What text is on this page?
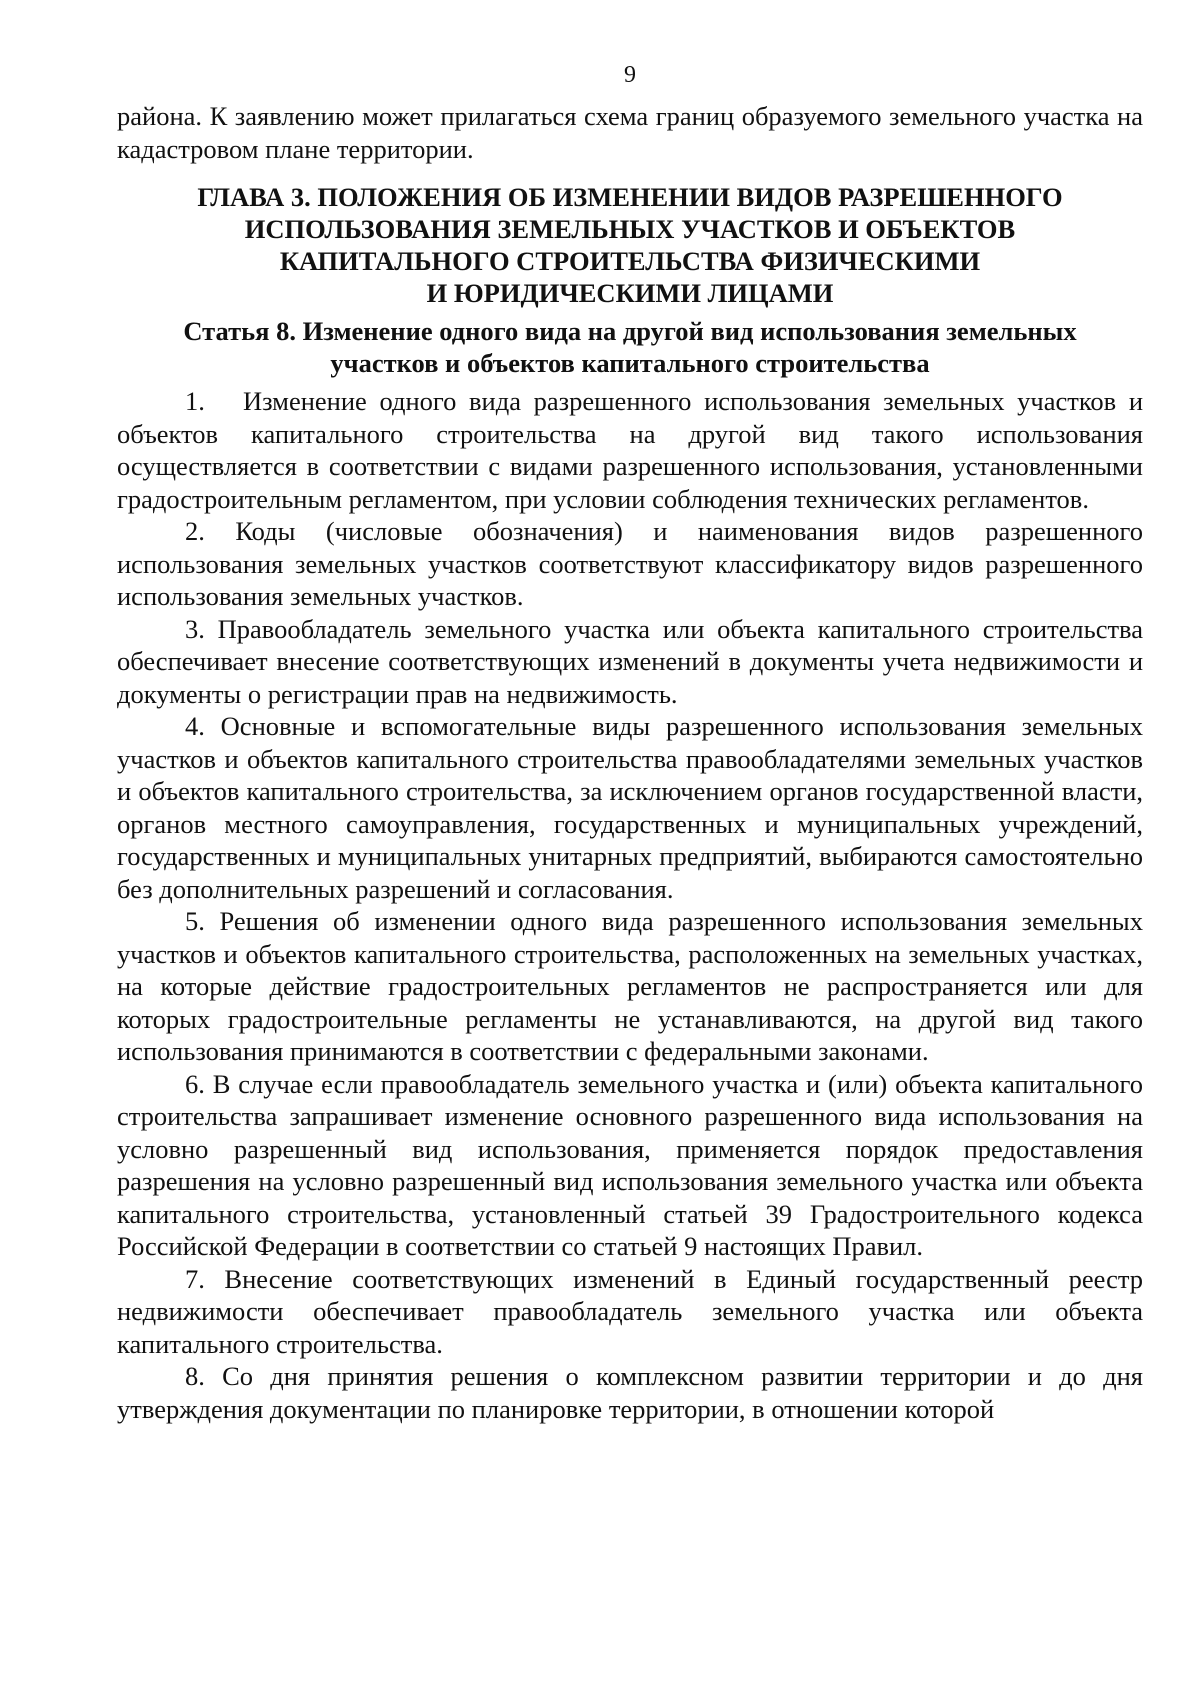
9

района. К заявлению может прилагаться схема границ образуемого земельного участка на кадастровом плане территории.

ГЛАВА 3. ПОЛОЖЕНИЯ ОБ ИЗМЕНЕНИИ ВИДОВ РАЗРЕШЕННОГО
ИСПОЛЬЗОВАНИЯ ЗЕМЕЛЬНЫХ УЧАСТКОВ И ОБЪЕКТОВ
КАПИТАЛЬНОГО СТРОИТЕЛЬСТВА ФИЗИЧЕСКИМИ
И ЮРИДИЧЕСКИМИ ЛИЦАМИ
Статья 8. Изменение одного вида на другой вид использования земельных
участков и объектов капитального строительства

1.   Изменение одного вида разрешенного использования земельных участков и объектов капитального строительства на другой вид такого использования осуществляется в соответствии с видами разрешенного использования, установленными градостроительным регламентом, при условии соблюдения технических регламентов.

2. Коды (числовые обозначения) и наименования видов разрешенного использования земельных участков соответствуют классификатору видов разрешенного использования земельных участков.

3. Правообладатель земельного участка или объекта капитального строительства обеспечивает внесение соответствующих изменений в документы учета недвижимости и документы о регистрации прав на недвижимость.

4. Основные и вспомогательные виды разрешенного использования земельных участков и объектов капитального строительства правообладателями земельных участков и объектов капитального строительства, за исключением органов государственной власти, органов местного самоуправления, государственных и муниципальных учреждений, государственных и муниципальных унитарных предприятий, выбираются самостоятельно без дополнительных разрешений и согласования.

5. Решения об изменении одного вида разрешенного использования земельных участков и объектов капитального строительства, расположенных на земельных участках, на которые действие градостроительных регламентов не распространяется или для которых градостроительные регламенты не устанавливаются, на другой вид такого использования принимаются в соответствии с федеральными законами.

6. В случае если правообладатель земельного участка и (или) объекта капитального строительства запрашивает изменение основного разрешенного вида использования на условно разрешенный вид использования, применяется порядок предоставления разрешения на условно разрешенный вид использования земельного участка или объекта капитального строительства, установленный статьей 39 Градостроительного кодекса Российской Федерации в соответствии со статьей 9 настоящих Правил.

7. Внесение соответствующих изменений в Единый государственный реестр недвижимости обеспечивает правообладатель земельного участка или объекта капитального строительства.

8. Со дня принятия решения о комплексном развитии территории и до дня утверждения документации по планировке территории, в отношении которой
